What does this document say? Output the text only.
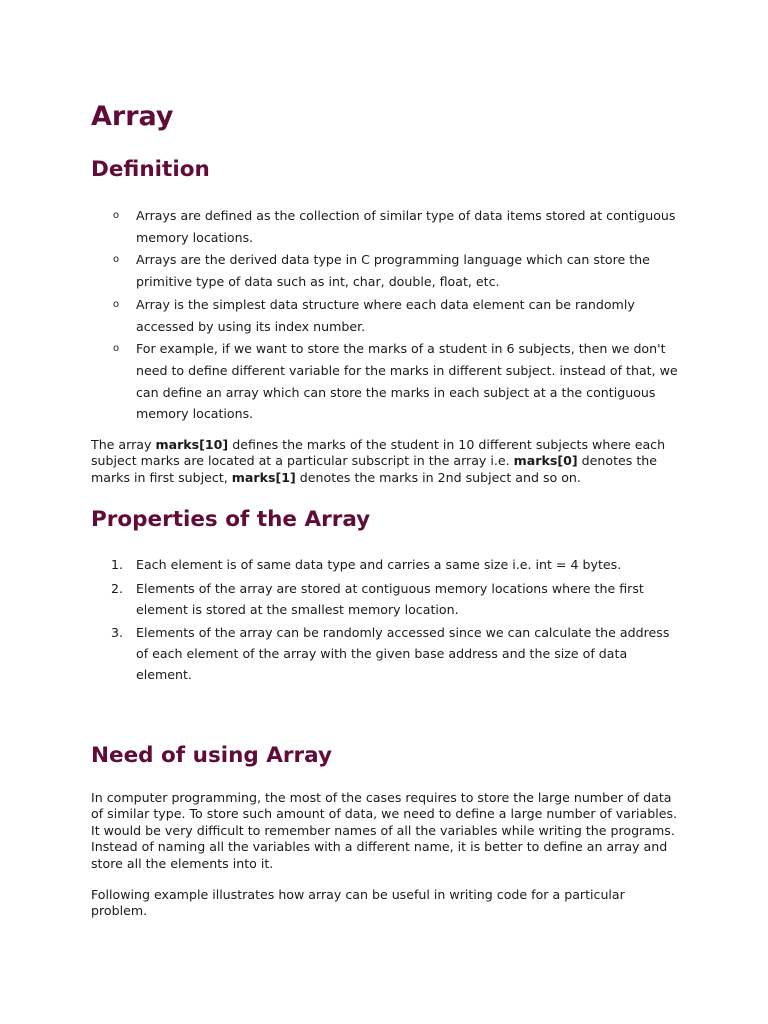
Array
Definition
o Arrays are defined as the collection of similar type of data items stored at contiguous memory locations.
o Arrays are the derived data type in C programming language which can store the primitive type of data such as int, char, double, float, etc.
o Array is the simplest data structure where each data element can be randomly accessed by using its index number.
o For example, if we want to store the marks of a student in 6 subjects, then we don't need to define different variable for the marks in different subject. instead of that, we can define an array which can store the marks in each subject at a the contiguous memory locations.

The array marks[10] defines the marks of the student in 10 different subjects where each subject marks are located at a particular subscript in the array i.e. marks[0] denotes the marks in first subject, marks[1] denotes the marks in 2nd subject and so on.

Properties of the Array
1. Each element is of same data type and carries a same size i.e. int = 4 bytes.
2. Elements of the array are stored at contiguous memory locations where the first element is stored at the smallest memory location.
3. Elements of the array can be randomly accessed since we can calculate the address of each element of the array with the given base address and the size of data element.
Need of using Array

In computer programming, the most of the cases requires to store the large number of data of similar type. To store such amount of data, we need to define a large number of variables. It would be very difficult to remember names of all the variables while writing the programs. Instead of naming all the variables with a different name, it is better to define an array and store all the elements into it.

Following example illustrates how array can be useful in writing code for a particular problem.
